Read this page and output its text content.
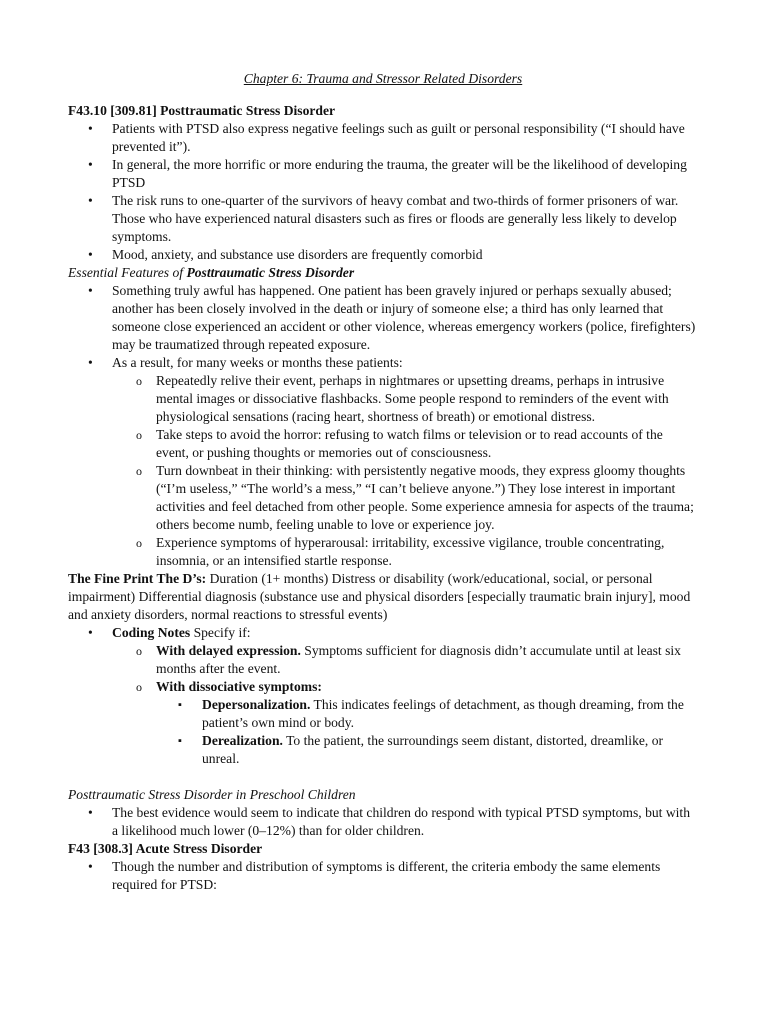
Chapter 6: Trauma and Stressor Related Disorders

F43.10 [309.81] Posttraumatic Stress Disorder

• Patients with PTSD also express negative feelings such as guilt or personal responsibility (“I should have prevented it”).
• In general, the more horrific or more enduring the trauma, the greater will be the likelihood of developing PTSD
• The risk runs to one-quarter of the survivors of heavy combat and two-thirds of former prisoners of war. Those who have experienced natural disasters such as fires or floods are generally less likely to develop symptoms.
• Mood, anxiety, and substance use disorders are frequently comorbid

Essential Features of Posttraumatic Stress Disorder

• Something truly awful has happened. One patient has been gravely injured or perhaps sexually abused; another has been closely involved in the death or injury of someone else; a third has only learned that someone close experienced an accident or other violence, whereas emergency workers (police, firefighters) may be traumatized through repeated exposure.
• As a result, for many weeks or months these patients:
o Repeatedly relive their event, perhaps in nightmares or upsetting dreams, perhaps in intrusive mental images or dissociative flashbacks. Some people respond to reminders of the event with physiological sensations (racing heart, shortness of breath) or emotional distress.
o Take steps to avoid the horror: refusing to watch films or television or to read accounts of the event, or pushing thoughts or memories out of consciousness.
o Turn downbeat in their thinking: with persistently negative moods, they express gloomy thoughts (“I’m useless,” “The world’s a mess,” “I can’t believe anyone.”) They lose interest in important activities and feel detached from other people. Some experience amnesia for aspects of the trauma; others become numb, feeling unable to love or experience joy.
o Experience symptoms of hyperarousal: irritability, excessive vigilance, trouble concentrating, insomnia, or an intensified startle response.

The Fine Print The D’s: Duration (1+ months) Distress or disability (work/educational, social, or personal impairment) Differential diagnosis (substance use and physical disorders [especially traumatic brain injury], mood and anxiety disorders, normal reactions to stressful events)

• Coding Notes Specify if:
o With delayed expression. Symptoms sufficient for diagnosis didn’t accumulate until at least six months after the event.
o With dissociative symptoms:
▪ Depersonalization. This indicates feelings of detachment, as though dreaming, from the patient’s own mind or body.
▪ Derealization. To the patient, the surroundings seem distant, distorted, dreamlike, or unreal.

Posttraumatic Stress Disorder in Preschool Children

• The best evidence would seem to indicate that children do respond with typical PTSD symptoms, but with a likelihood much lower (0–12%) than for older children.

F43 [308.3] Acute Stress Disorder

• Though the number and distribution of symptoms is different, the criteria embody the same elements required for PTSD:
